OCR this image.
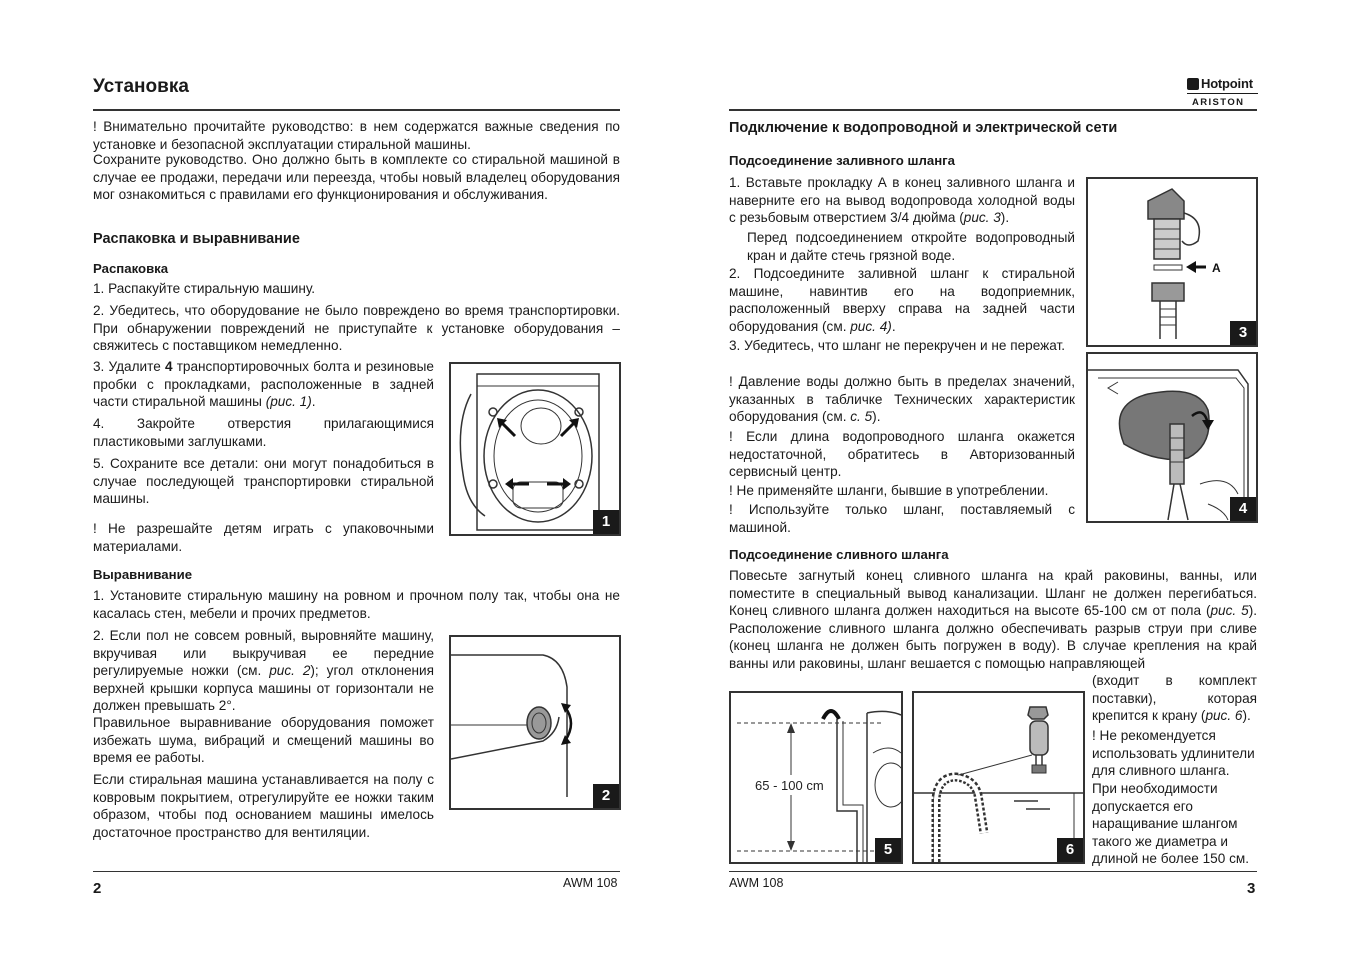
Установка

! Внимательно прочитайте руководство: в нем содержатся важные сведения по установке и безопасной эксплуатации стиральной машины.

Сохраните руководство. Оно должно быть в комплекте со стиральной машиной в случае ее продажи, передачи или переезда, чтобы новый владелец оборудования мог ознакомиться с правилами его функционирования и обслуживания.

Распаковка и выравнивание
Распаковка

1. Распакуйте стиральную машину.

2. Убедитесь, что оборудование не было повреждено во время транспортировки. При обнаружении повреждений не приступайте к установке оборудования – свяжитесь с поставщиком немедленно.

3. Удалите 4 транспортировочных болта и резиновые пробки с прокладками, расположенные в задней части стиральной машины (рис. 1).

4. Закройте отверстия прилагающимися пластиковыми заглушками.

5. Сохраните все детали: они могут понадобиться в случае последующей транспортировки стиральной машины.

! Не разрешайте детям играть с упаковочными материалами.

1
Выравнивание

1. Установите стиральную машину на ровном и прочном полу так, чтобы она не касалась стен, мебели и прочих предметов.

2. Если пол не совсем ровный, выровняйте машину, вкручивая или выкручивая ее передние регулируемые ножки (см. рис. 2); угол отклонения верхней крышки корпуса машины от горизонтали не должен превышать 2°.

Правильное выравнивание оборудования поможет избежать шума, вибраций и смещений машины во время ее работы.

Если стиральная машина устанавливается на полу с ковровым покрытием, отрегулируйте ее ножки таким образом, чтобы под основанием машины имелось достаточное пространство для вентиляции.

2
2	AWM 108
Hotpoint
ARISTON
Подключение к водопроводной и электрической сети
Подсоединение заливного шланга

1. Вставьте прокладку А в конец заливного шланга и наверните его на вывод водопровода холодной воды с резьбовым отверстием 3/4 дюйма (рис. 3).

Перед подсоединением откройте водопроводный кран и дайте стечь грязной воде.

2. Подсоедините заливной шланг к стиральной машине, навинтив его на водоприемник, расположенный вверху справа на задней части оборудования (см. рис. 4).

3. Убедитесь, что шланг не перекручен и не пережат.

! Давление воды должно быть в пределах значений, указанных в табличке Технических характеристик оборудования (см. с. 5).

! Если длина водопроводного шланга окажется недостаточной, обратитесь в Авторизованный сервисный центр.

! Не применяйте шланги, бывшие в употреблении.

! Используйте только шланг, поставляемый с машиной.

A
3
4
Подсоединение сливного шланга

Повесьте загнутый конец сливного шланга на край раковины, ванны, или поместите в специальный вывод канализации. Шланг не должен перегибаться. Конец сливного шланга должен находиться на высоте 65-100 см от пола (рис. 5). Расположение сливного шланга должно обеспечивать разрыв струи при сливе (конец шланга не должен быть погружен в воду). В случае крепления на край ванны или раковины, шланг вешается с помощью направляющей

(входит в комплект поставки), которая крепится к крану (рис. 6).

! Не рекомендуется использовать удлинители для сливного шланга.

При необходимости допускается его наращивание шлангом такого же диаметра и длиной не более 150 см.

65 - 100 cm
5	6
AWM 108	3
